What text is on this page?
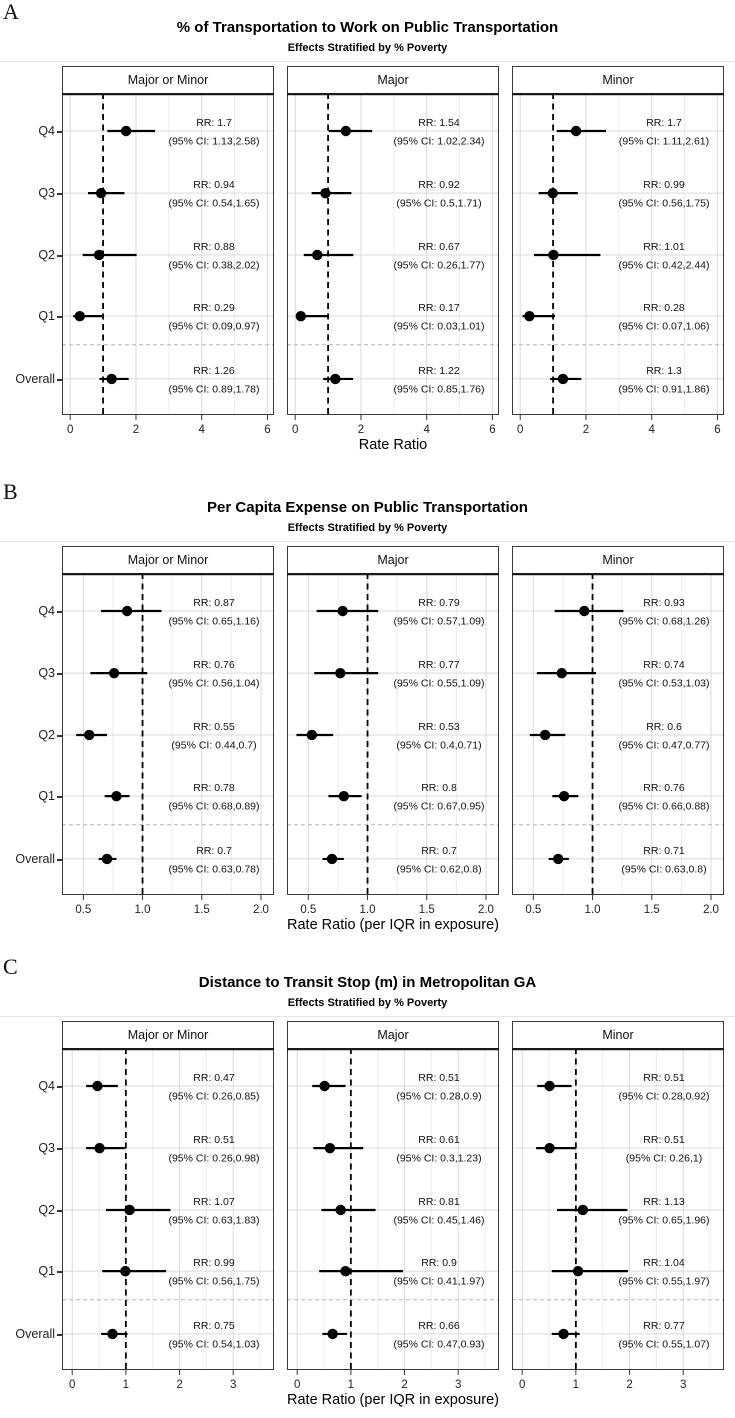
A
% of Transportation to Work on Public Transportation
Effects Stratified by % Poverty
Q4
Q3
Q2
Q1
Overall
Major or Minor
RR: 1.7
(95% CI: 1.13,2.58)
RR: 0.94
(95% CI: 0.54,1.65)
RR: 0.88
(95% CI: 0.38,2.02)
RR: 0.29
(95% CI: 0.09,0.97)
RR: 1.26
(95% CI: 0.89,1.78)
0	2	4	6
Major
RR: 1.54
(95% CI: 1.02,2.34)
RR: 0.92
(95% CI: 0.5,1.71)
RR: 0.67
(95% CI: 0.26,1.77)
RR: 0.17
(95% CI: 0.03,1.01)
RR: 1.22
(95% CI: 0.85,1.76)
0	2	4	6
Minor
RR: 1.7
(95% CI: 1.11,2.61)
RR: 0.99
(95% CI: 0.56,1.75)
RR: 1.01
(95% CI: 0.42,2.44)
RR: 0.28
(95% CI: 0.07,1.06)
RR: 1.3
(95% CI: 0.91,1.86)
0	2	4	6
Rate Ratio
B
Per Capita Expense on Public Transportation
Effects Stratified by % Poverty
Q4
Q3
Q2
Q1
Overall
Major or Minor
RR: 0.87
(95% CI: 0.65,1.16)
RR: 0.76
(95% CI: 0.56,1.04)
RR: 0.55
(95% CI: 0.44,0.7)
RR: 0.78
(95% CI: 0.68,0.89)
RR: 0.7
(95% CI: 0.63,0.78)
0.5	1.0	1.5	2.0
Major
RR: 0.79
(95% CI: 0.57,1.09)
RR: 0.77
(95% CI: 0.55,1.09)
RR: 0.53
(95% CI: 0.4,0.71)
RR: 0.8
(95% CI: 0.67,0.95)
RR: 0.7
(95% CI: 0.62,0.8)
0.5	1.0	1.5	2.0
Minor
RR: 0.93
(95% CI: 0.68,1.26)
RR: 0.74
(95% CI: 0.53,1.03)
RR: 0.6
(95% CI: 0.47,0.77)
RR: 0.76
(95% CI: 0.66,0.88)
RR: 0.71
(95% CI: 0.63,0.8)
0.5	1.0	1.5	2.0
Rate Ratio (per IQR in exposure)
C
Distance to Transit Stop (m) in Metropolitan GA
Effects Stratified by % Poverty
Q4
Q3
Q2
Q1
Overall
Major or Minor
RR: 0.47
(95% CI: 0.26,0.85)
RR: 0.51
(95% CI: 0.26,0.98)
RR: 1.07
(95% CI: 0.63,1.83)
RR: 0.99
(95% CI: 0.56,1.75)
RR: 0.75
(95% CI: 0.54,1.03)
0	1	2	3
Major
RR: 0.51
(95% CI: 0.28,0.9)
RR: 0.61
(95% CI: 0.3,1.23)
RR: 0.81
(95% CI: 0.45,1.46)
RR: 0.9
(95% CI: 0.41,1.97)
RR: 0.66
(95% CI: 0.47,0.93)
0	1	2	3
Minor
RR: 0.51
(95% CI: 0.28,0.92)
RR: 0.51
(95% CI: 0.26,1)
RR: 1.13
(95% CI: 0.65,1.96)
RR: 1.04
(95% CI: 0.55,1.97)
RR: 0.77
(95% CI: 0.55,1.07)
0	1	2	3
Rate Ratio (per IQR in exposure)
